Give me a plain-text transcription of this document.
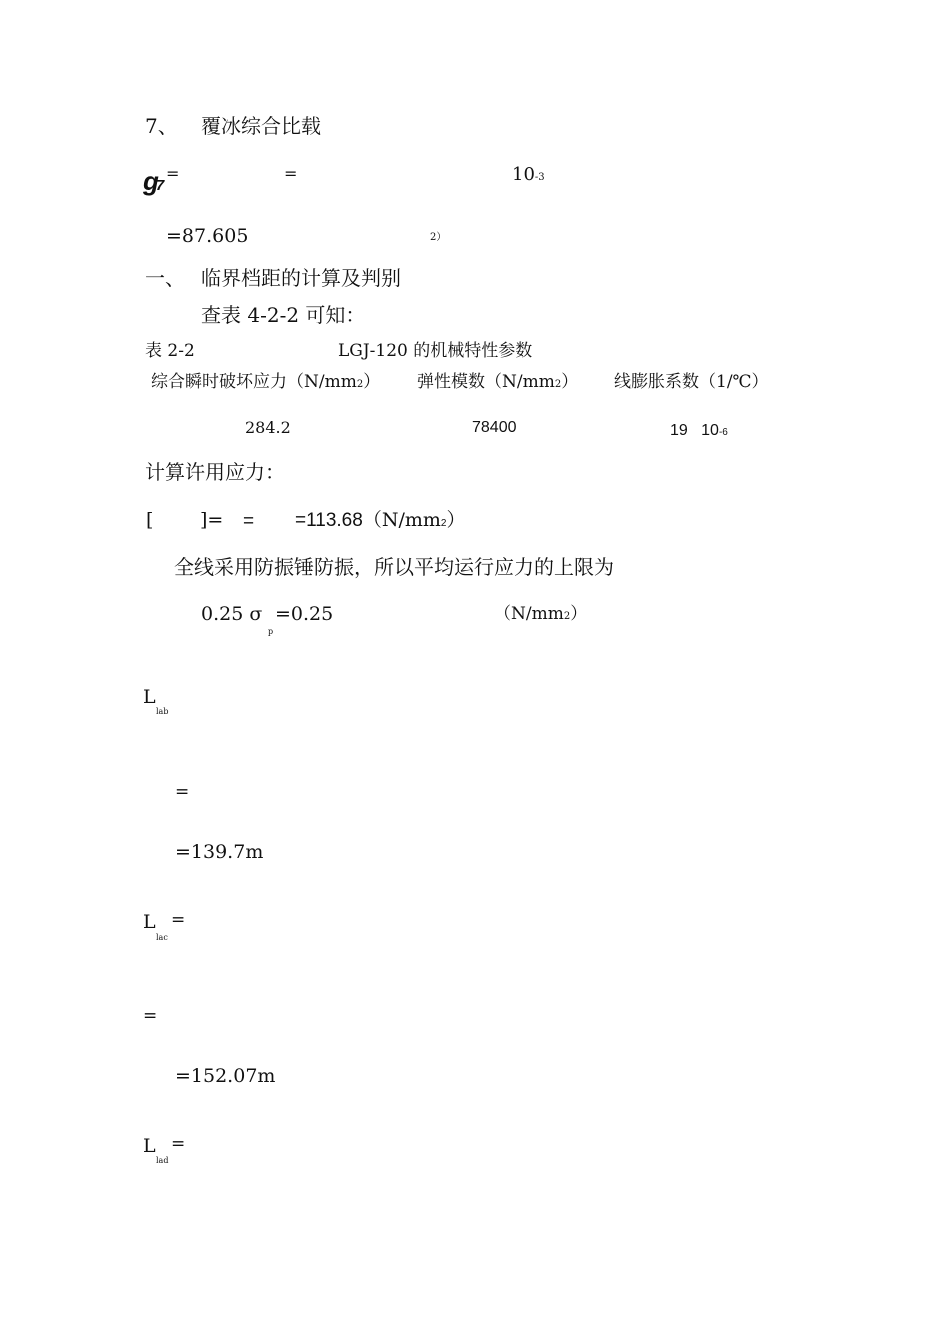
7、 覆冰综合比载
g7
=	=	10-3
=87.605	2）
一、 临界档距的计算及判别
查表 4-2-2 可知：
表 2-2	LGJ-120 的机械特性参数
综合瞬时破坏应力（N/mm2） 弹性模数（N/mm2） 线膨胀系数（1/℃）
284.2	78400	19 10-6
计算许用应力：
[ ]= = =113.68（N/mm2）
全线采用防振锤防振，所以平均运行应力的上限为
0.25 σ
p
=0.25	（N/mm2）
L
lab
=
=139.7m
L =
lac
=
=152.07m
L =
lad
